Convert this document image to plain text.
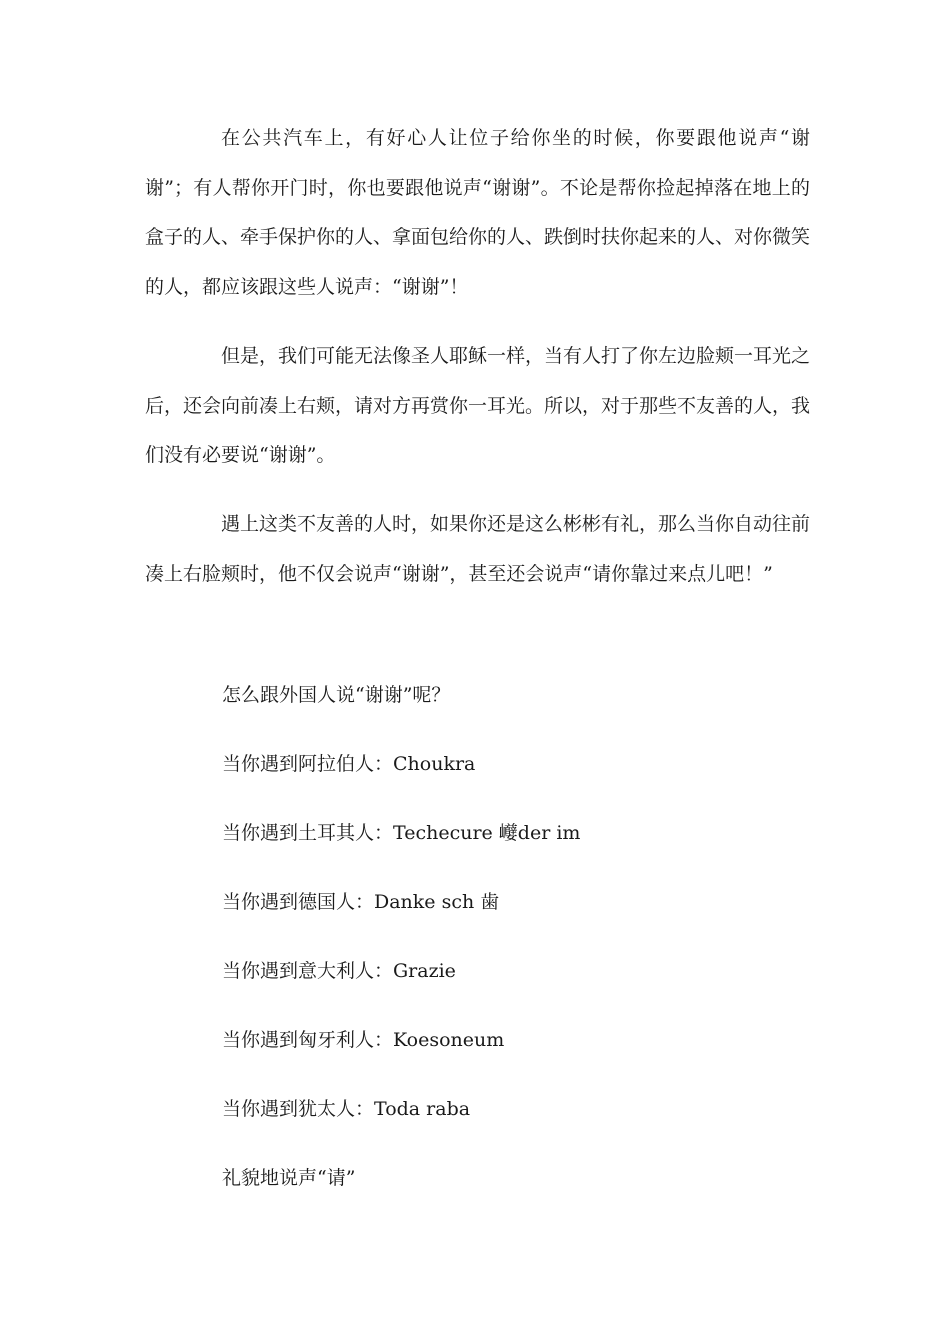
在公共汽车上，有好心人让位子给你坐的时候，你要跟他说声“谢谢”；有人帮你开门时，你也要跟他说声“谢谢”。不论是帮你捡起掉落在地上的盒子的人、牵手保护你的人、拿面包给你的人、跌倒时扶你起来的人、对你微笑的人，都应该跟这些人说声：“谢谢”！

但是，我们可能无法像圣人耶稣一样，当有人打了你左边脸颊一耳光之后，还会向前凑上右颊，请对方再赏你一耳光。所以，对于那些不友善的人，我们没有必要说“谢谢”。

遇上这类不友善的人时，如果你还是这么彬彬有礼，那么当你自动往前凑上右脸颊时，他不仅会说声“谢谢”，甚至还会说声“请你靠过来点儿吧！”

怎么跟外国人说“谢谢”呢？

当你遇到阿拉伯人：Choukra

当你遇到土耳其人：Techecure 巕der im

当你遇到德国人：Danke sch 歯

当你遇到意大利人：Grazie

当你遇到匈牙利人：Koesoneum

当你遇到犹太人：Toda raba

礼貌地说声“请”
